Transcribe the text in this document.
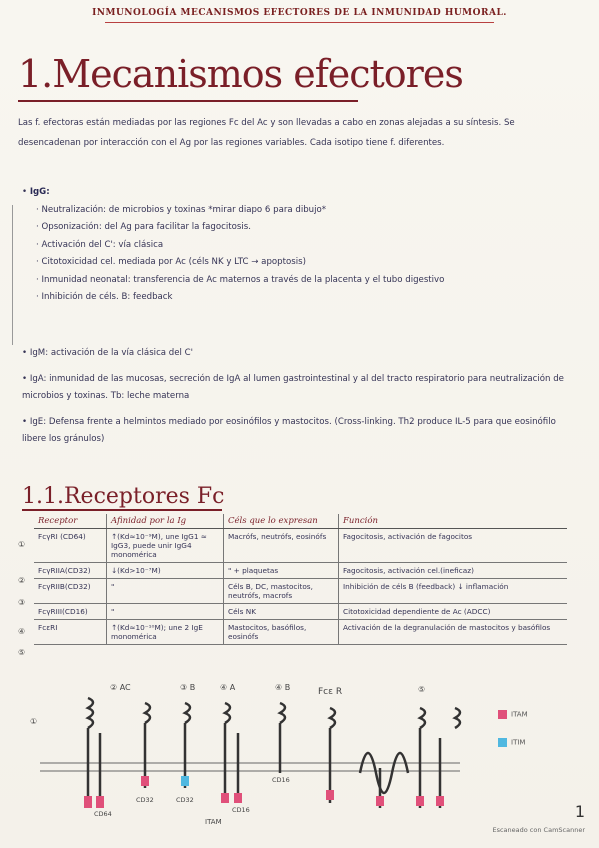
INMUNOLOGÍA MECANISMOS EFECTORES DE LA INMUNIDAD HUMORAL.
1.Mecanismos efectores
Las f. efectoras están mediadas por las regiones Fc del Ac y son llevadas a cabo en zonas alejadas a su síntesis. Se desencadenan por interacción con el Ag por las regiones variables. Cada isotipo tiene f. diferentes.
• IgG:
· Neutralización: de microbios y toxinas *mirar diapo 6 para dibujo*
· Opsonización: del Ag para facilitar la fagocitosis.
· Activación del C': vía clásica
· Citotoxicidad cel. mediada por Ac (céls NK y LTC → apoptosis)
· Inmunidad neonatal: transferencia de Ac maternos a través de la placenta y el tubo digestivo
· Inhibición de céls. B: feedback
• IgM: activación de la vía clásica del C'
• IgA: inmunidad de las mucosas, secreción de IgA al lumen gastrointestinal y al del tracto respiratorio para neutralización de microbios y toxinas. Tb: leche materna
• IgE: Defensa frente a helmintos mediado por eosinófilos y mastocitos. (Cross-linking. Th2 produce IL-5 para que eosinófilo libere los gránulos)
1.1.Receptores Fc
Receptor	Afinidad por la Ig	Céls que lo expresan	Función
FcγRI (CD64)	↑(Kd≈10⁻⁹M), une IgG1 ≈ IgG3, puede unir IgG4 monomérica	Macrófs, neutrófs, eosinófs	Fagocitosis, activación de fagocitos
FcγRIIA(CD32)	↓(Kd>10⁻⁷M)	" + plaquetas	Fagocitosis, activación cel.(ineficaz)
FcγRIIB(CD32)	"	Céls B, DC, mastocitos, neutrófs, macrofs	Inhibición de céls B (feedback) ↓ inflamación
FcγRIII(CD16)	"	Céls NK	Citotoxicidad dependiente de Ac (ADCC)
FcεRI	↑(Kd≈10⁻¹⁰M); une 2 IgE monomérica	Mastocitos, basófilos, eosinófs	Activación de la degranulación de mastocitos y basófilos
①
②
③
④
⑤
①
② AC	③ B	④ A	④ B	Fcε R	⑤
CD64
CD32	CD32
CD16
CD16
ITAM
ITAM
ITIM
1
Escaneado con CamScanner
